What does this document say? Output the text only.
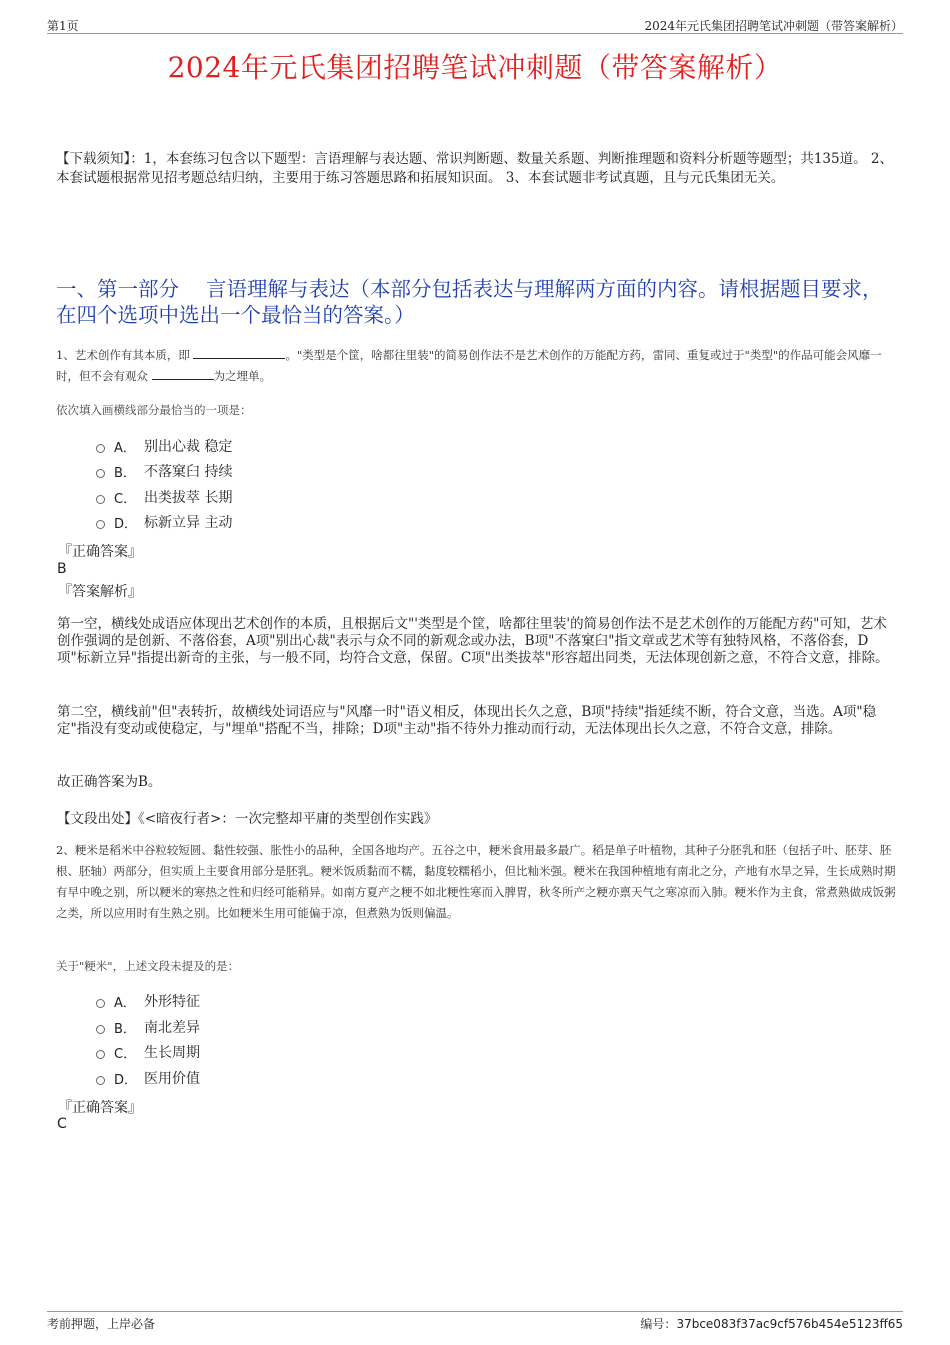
第1页	2024年元氏集团招聘笔试冲刺题（带答案解析）
2024年元氏集团招聘笔试冲刺题（带答案解析）
【下载须知】：1，本套练习包含以下题型：言语理解与表达题、常识判断题、数量关系题、判断推理题和资料分析题等题型；共135道。 2、本套试题根据常见招考题总结归纳，主要用于练习答题思路和拓展知识面。 3、本套试题非考试真题，且与元氏集团无关。
一、第一部分　 言语理解与表达（本部分包括表达与理解两方面的内容。请根据题目要求，在四个选项中选出一个最恰当的答案。）
1、艺术创作有其本质，即	。"类型是个筐，啥都往里装"的简易创作法不是艺术创作的万能配方药，雷同、重复或过于"类型"的作品可能会风靡一时，但不会有观众	为之埋单。
依次填入画横线部分最恰当的一项是：
A． 别出心裁 稳定
B． 不落窠臼 持续
C． 出类拔萃 长期
D． 标新立异 主动
『正确答案』
B
『答案解析』
第一空，横线处成语应体现出艺术创作的本质，且根据后文"'类型是个筐，啥都往里装'的简易创作法不是艺术创作的万能配方药"可知，艺术创作强调的是创新、不落俗套，A项"别出心裁"表示与众不同的新观念或办法，B项"不落窠臼"指文章或艺术等有独特风格，不落俗套，D项"标新立异"指提出新奇的主张，与一般不同，均符合文意，保留。C项"出类拔萃"形容超出同类，无法体现创新之意，不符合文意，排除。
第二空，横线前"但"表转折，故横线处词语应与"风靡一时"语义相反，体现出长久之意，B项"持续"指延续不断，符合文意，当选。A项"稳定"指没有变动或使稳定，与"埋单"搭配不当，排除；D项"主动"指不待外力推动而行动，无法体现出长久之意，不符合文意，排除。
故正确答案为B。
【文段出处】《<暗夜行者>：一次完整却平庸的类型创作实践》
2、粳米是稻米中谷粒较短圆、黏性较强、胀性小的品种，全国各地均产。五谷之中，粳米食用最多最广。稻是单子叶植物，其种子分胚乳和胚（包括子叶、胚芽、胚根、胚轴）两部分，但实质上主要食用部分是胚乳。粳米饭质黏而不糯，黏度较糯稻小，但比籼米强。粳米在我国种植地有南北之分，产地有水旱之异，生长成熟时期有早中晚之别，所以粳米的寒热之性和归经可能稍异。如南方夏产之粳不如北粳性寒而入脾胃，秋冬所产之粳亦禀天气之寒凉而入肺。粳米作为主食，常煮熟做成饭粥之类，所以应用时有生熟之别。比如粳米生用可能偏于凉，但煮熟为饭则偏温。
关于"粳米"，上述文段未提及的是：
A． 外形特征
B． 南北差异
C． 生长周期
D． 医用价值
『正确答案』
C
考前押题，上岸必备	编号：37bce083f37ac9cf576b454e5123ff65
